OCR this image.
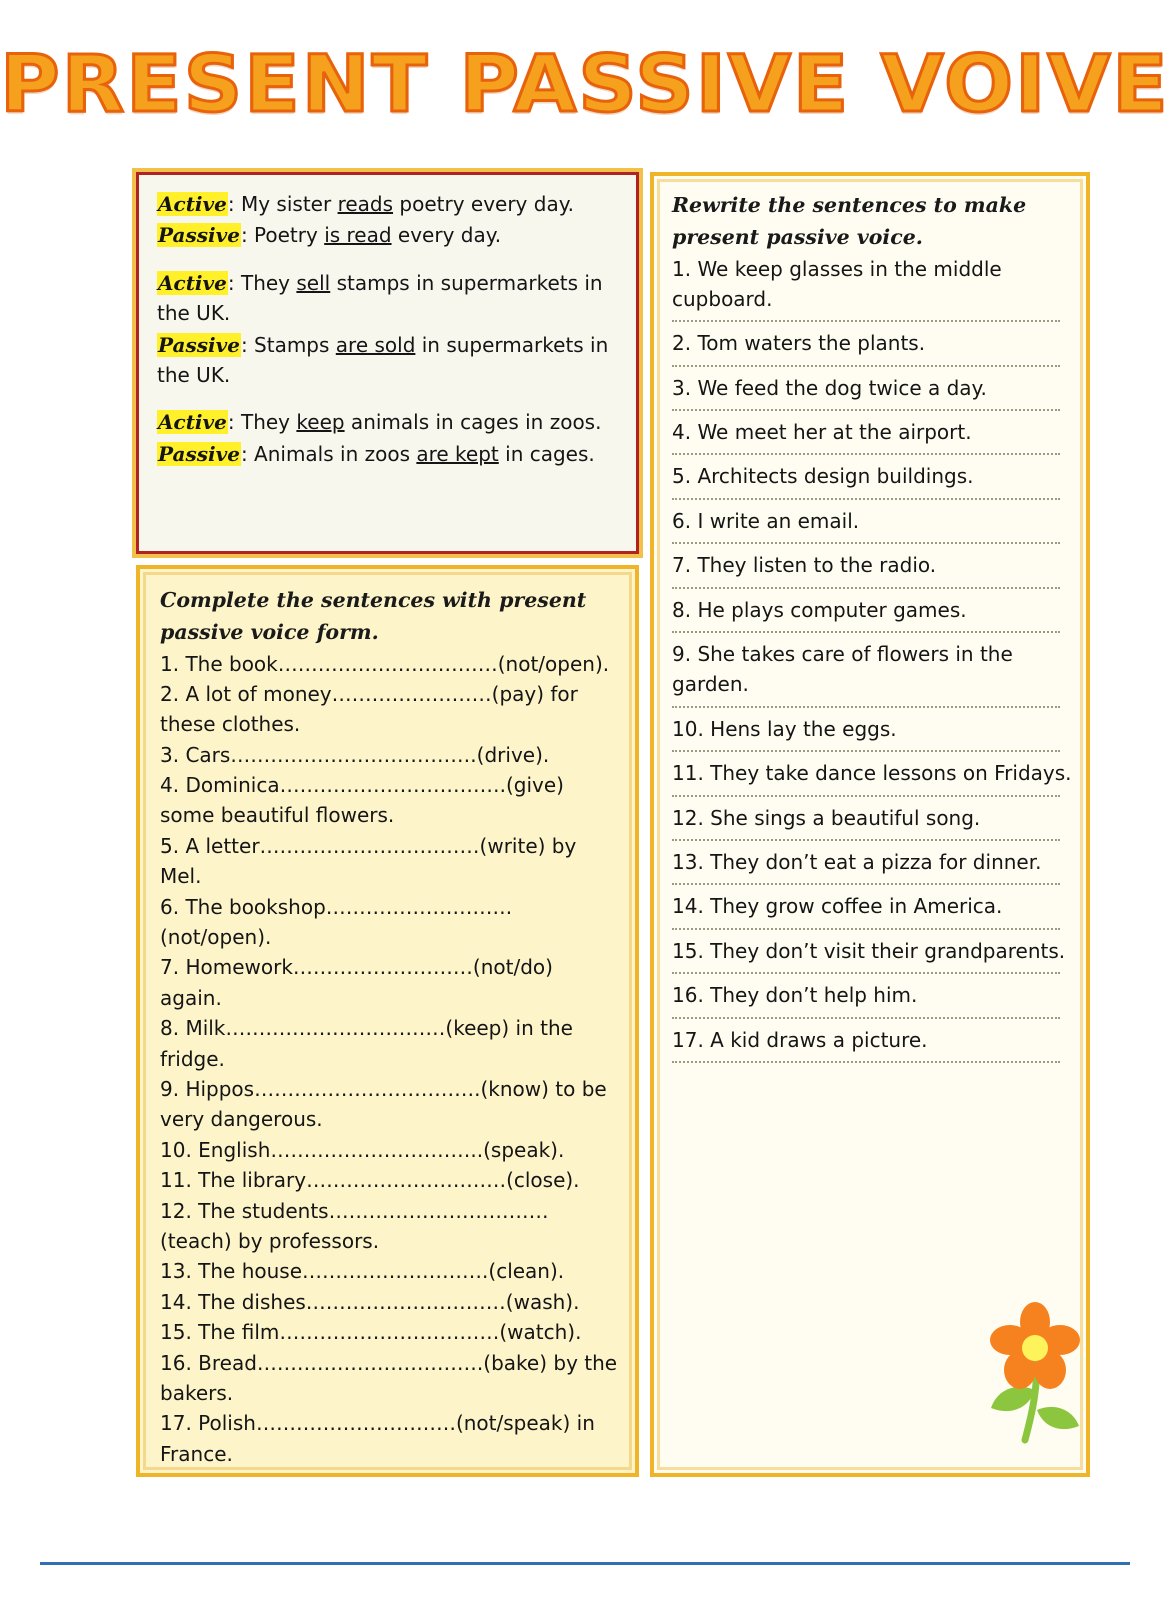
PRESENT PASSIVE VOIVE
Active: My sister reads poetry every day.
Passive: Poetry is read every day.
Active: They sell stamps in supermarkets in the UK.
Passive: Stamps are sold in supermarkets in the UK.
Active: They keep animals in cages in zoos.
Passive: Animals in zoos are kept in cages.
Complete the sentences with present passive voice form.
1. The book……………………………(not/open).
2. A lot of money……………………(pay) for these clothes.
3. Cars……………………………….(drive).
4. Dominica…………………………….(give) some beautiful flowers.
5. A letter……………………………(write) by Mel.
6. The bookshop……………………….(not/open).
7. Homework………………………(not/do) again.
8. Milk……………………………(keep) in the fridge.
9. Hippos…………………………….(know) to be very dangerous.
10. English…………………………..(speak).
11. The library…………………………(close).
12. The students……………………………(teach) by professors.
13. The house……………………….(clean).
14. The dishes…………………………(wash).
15. The film……………………………(watch).
16. Bread…………………………….(bake) by the bakers.
17. Polish…………………………(not/speak) in France.
Rewrite the sentences to make present passive voice.
1. We keep glasses in the middle cupboard.
2. Tom waters the plants.
3. We feed the dog twice a day.
4. We meet her at the airport.
5. Architects design buildings.
6. I write an email.
7. They listen to the radio.
8. He plays computer games.
9. She takes care of flowers in the garden.
10. Hens lay the eggs.
11. They take dance lessons on Fridays.
12. She sings a beautiful song.
13. They don’t eat a pizza for dinner.
14. They grow coffee in America.
15. They don’t visit their grandparents.
16. They don’t help him.
17. A kid draws a picture.
